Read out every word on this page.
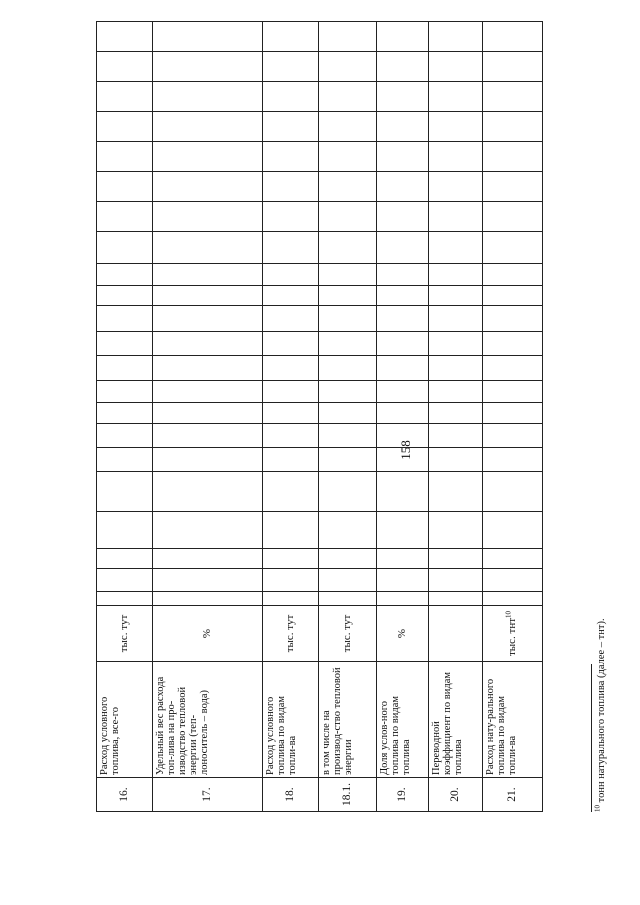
158
16.	Расход условного топлива, все-го	тыс. тут																						
17.	Удельный вес расхода топ-лива на про-изводство тепловой энергии (теп-лоноситель – вода)	%																						
18.	Расход условного топлива по видам топли-ва	тыс. тут																						
18.1.	в том числе на производ-ство тепловой энергии	тыс. тут																						
19.	Доля услов-ного топлива по видам топлива	%																						
20.	Переводной коэффициент по видам топлива																							
21.	Расход нату-рального топлива по видам топли-ва	тыс. тнт$^{10}$																						
$^{10}$ тонн натурального топлива (далее – тнт).
